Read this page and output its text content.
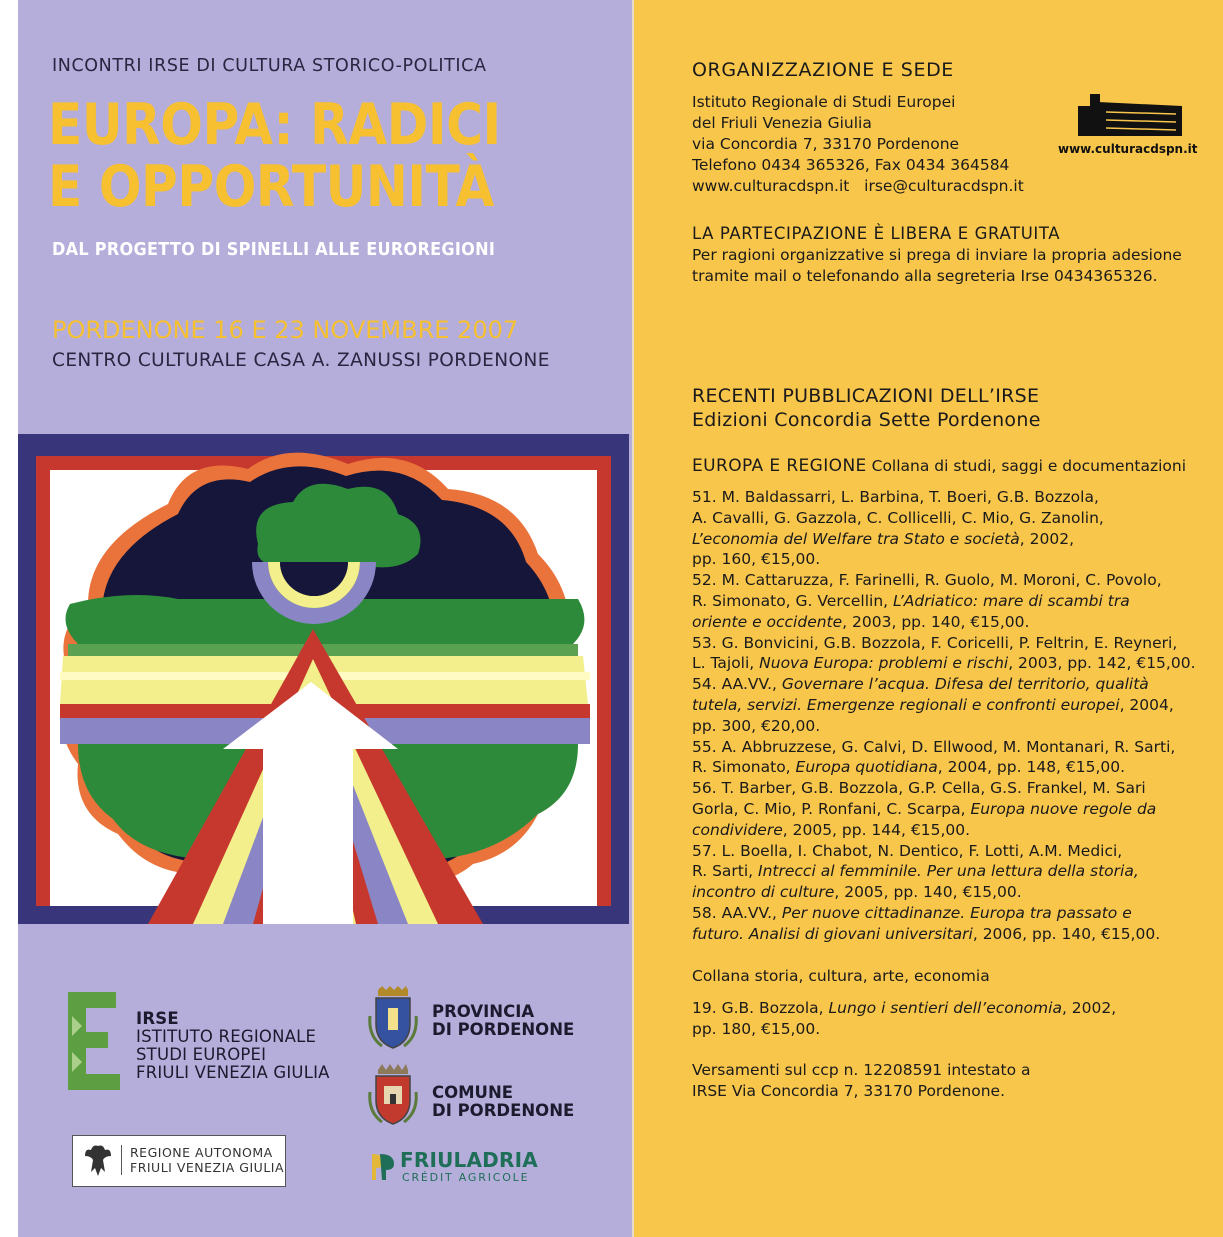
INCONTRI IRSE DI CULTURA STORICO-POLITICA
EUROPA: RADICI
E OPPORTUNITÀ
DAL PROGETTO DI SPINELLI ALLE EUROREGIONI
PORDENONE 16 E 23 NOVEMBRE 2007
CENTRO CULTURALE CASA A. ZANUSSI PORDENONE
IRSE
ISTITUTO REGIONALE
STUDI EUROPEI
FRIULI VENEZIA GIULIA
PROVINCIA
DI PORDENONE
COMUNE
DI PORDENONE
REGIONE AUTONOMA
FRIULI VENEZIA GIULIA	FRIULADRIA
CRÉDIT AGRICOLE
ORGANIZZAZIONE E SEDE
Istituto Regionale di Studi Europei
del Friuli Venezia Giulia
via Concordia 7, 33170 Pordenone
Telefono 0434 365326, Fax 0434 364584
www.culturacdspn.it   irse@culturacdspn.it
www.culturacdspn.it
LA PARTECIPAZIONE È LIBERA E GRATUITA
Per ragioni organizzative si prega di inviare la propria adesione
tramite mail o telefonando alla segreteria Irse 0434365326.
RECENTI PUBBLICAZIONI DELL’IRSE
Edizioni Concordia Sette Pordenone
EUROPA E REGIONE Collana di studi, saggi e documentazioni
51. M. Baldassarri, L. Barbina, T. Boeri, G.B. Bozzola,
A. Cavalli, G. Gazzola, C. Collicelli, C. Mio, G. Zanolin,
L’economia del Welfare tra Stato e società, 2002,
pp. 160, €15,00.
52. M. Cattaruzza, F. Farinelli, R. Guolo, M. Moroni, C. Povolo,
R. Simonato, G. Vercellin, L’Adriatico: mare di scambi tra
oriente e occidente, 2003, pp. 140, €15,00.
53. G. Bonvicini, G.B. Bozzola, F. Coricelli, P. Feltrin, E. Reyneri,
L. Tajoli, Nuova Europa: problemi e rischi, 2003, pp. 142, €15,00.
54. AA.VV., Governare l’acqua. Difesa del territorio, qualità
tutela, servizi. Emergenze regionali e confronti europei, 2004,
pp. 300, €20,00.
55. A. Abbruzzese, G. Calvi, D. Ellwood, M. Montanari, R. Sarti,
R. Simonato, Europa quotidiana, 2004, pp. 148, €15,00.
56. T. Barber, G.B. Bozzola, G.P. Cella, G.S. Frankel, M. Sari
Gorla, C. Mio, P. Ronfani, C. Scarpa, Europa nuove regole da
condividere, 2005, pp. 144, €15,00.
57. L. Boella, I. Chabot, N. Dentico, F. Lotti, A.M. Medici,
R. Sarti, Intrecci al femminile. Per una lettura della storia,
incontro di culture, 2005, pp. 140, €15,00.
58. AA.VV., Per nuove cittadinanze. Europa tra passato e
futuro. Analisi di giovani universitari, 2006, pp. 140, €15,00.
Collana storia, cultura, arte, economia
19. G.B. Bozzola, Lungo i sentieri dell’economia, 2002,
pp. 180, €15,00.
Versamenti sul ccp n. 12208591 intestato a
IRSE Via Concordia 7, 33170 Pordenone.
